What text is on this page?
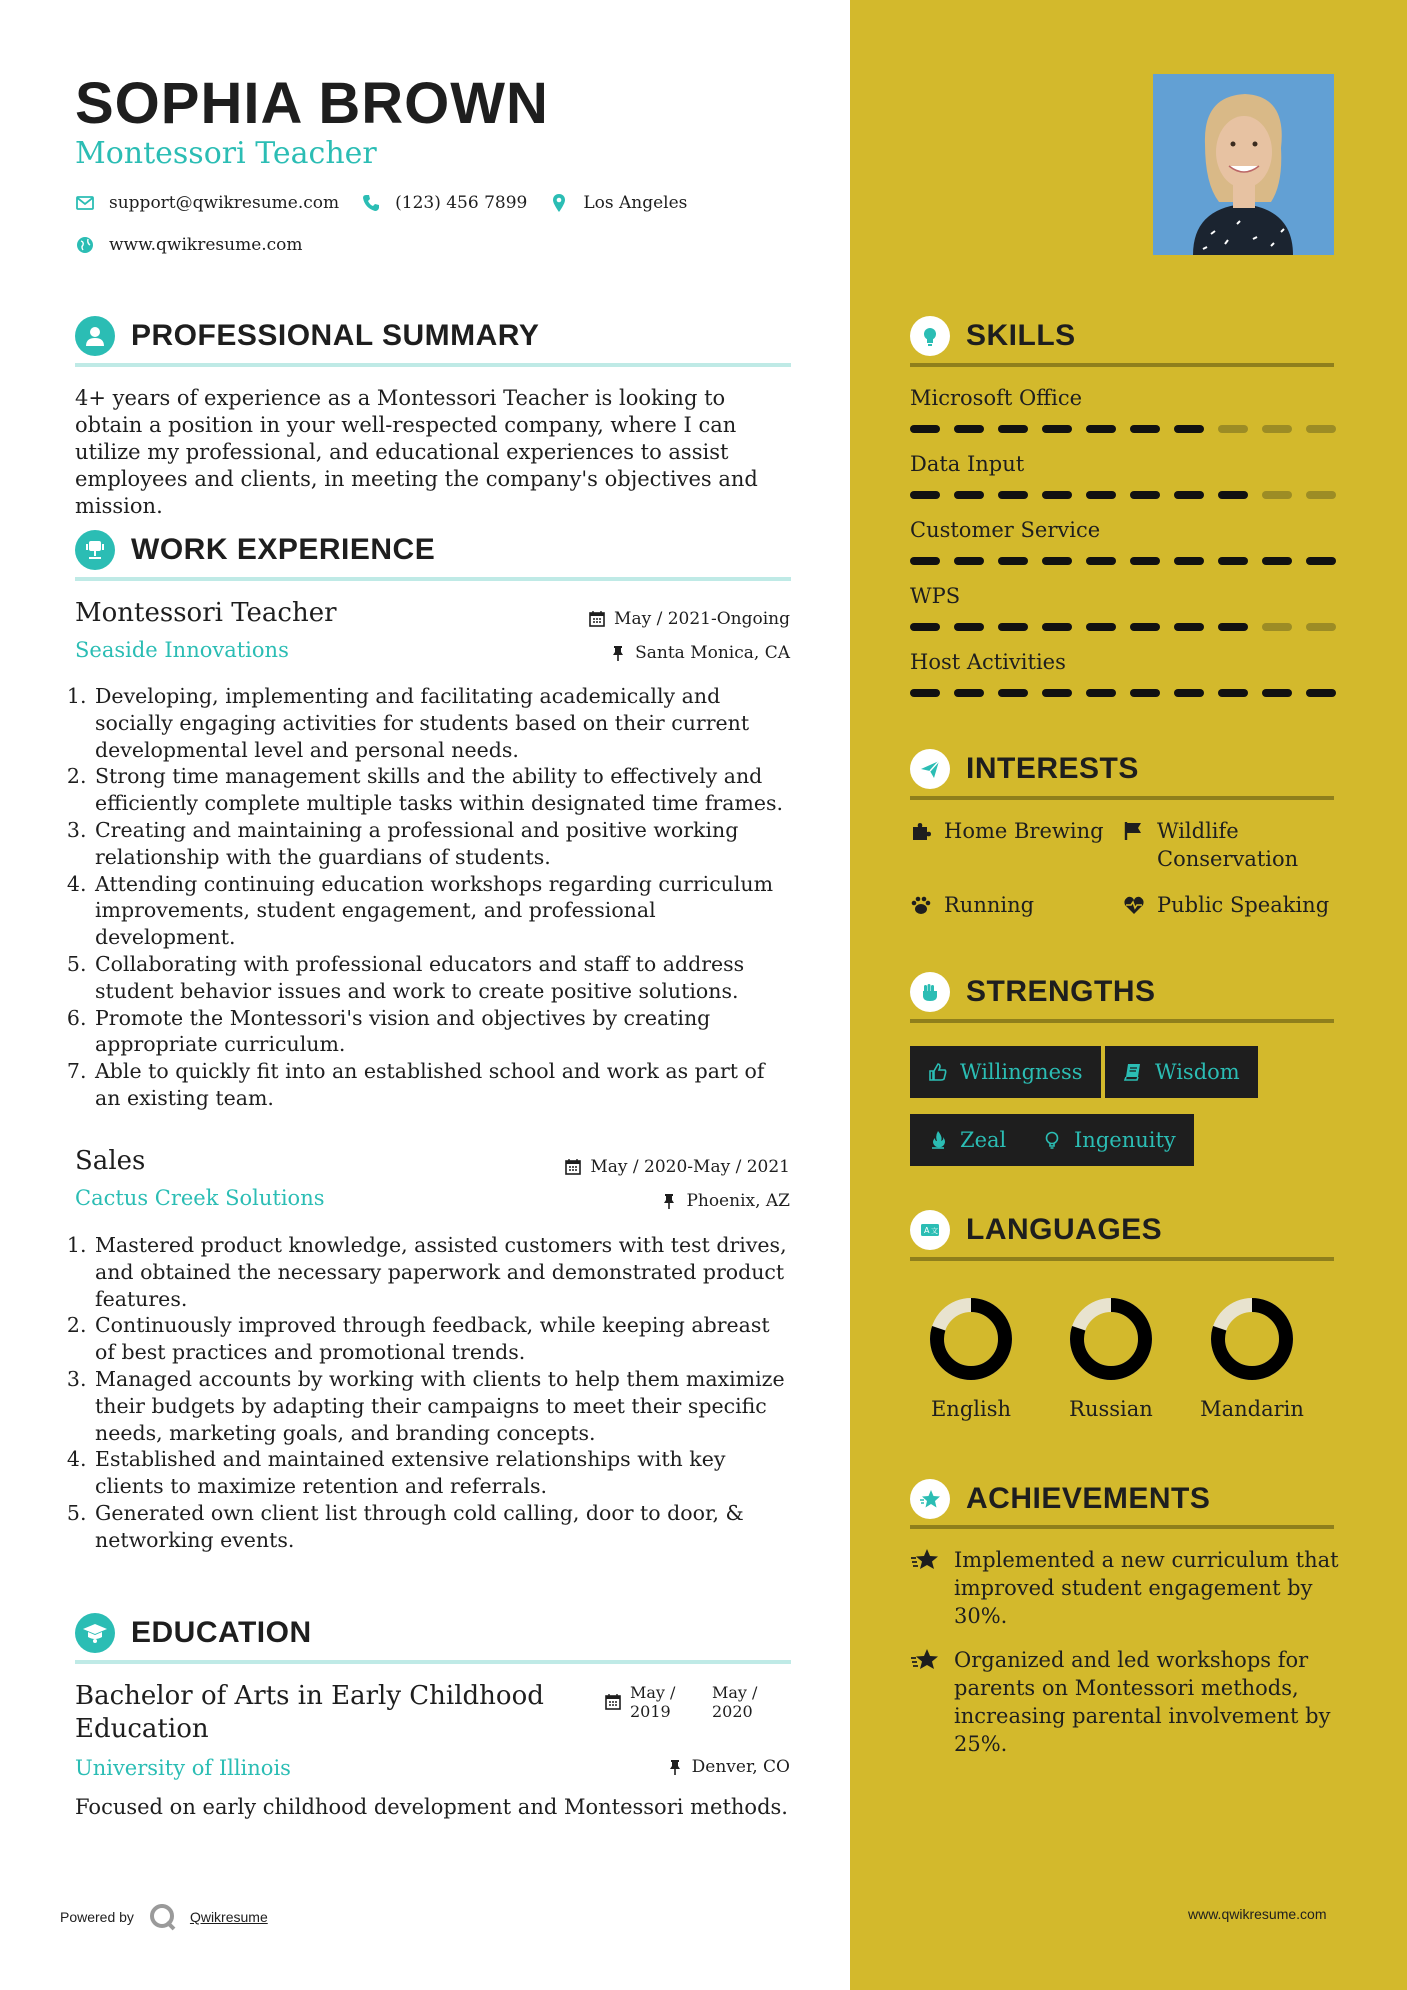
SOPHIA BROWN
Montessori Teacher
support@qwikresume.com	(123) 456 7899	Los Angeles
www.qwikresume.com
PROFESSIONAL SUMMARY
4+ years of experience as a Montessori Teacher is looking to obtain a position in your well-respected company, where I can utilize my professional, and educational experiences to assist employees and clients, in meeting the company's objectives and mission.
WORK EXPERIENCE
Montessori Teacher	May / 2021-Ongoing
Seaside Innovations	Santa Monica, CA
1. Developing, implementing and facilitating academically and socially engaging activities for students based on their current developmental level and personal needs.
2. Strong time management skills and the ability to effectively and efficiently complete multiple tasks within designated time frames.
3. Creating and maintaining a professional and positive working relationship with the guardians of students.
4. Attending continuing education workshops regarding curriculum improvements, student engagement, and professional development.
5. Collaborating with professional educators and staff to address student behavior issues and work to create positive solutions.
6. Promote the Montessori's vision and objectives by creating appropriate curriculum.
7. Able to quickly fit into an established school and work as part of an existing team.
Sales	May / 2020-May / 2021
Cactus Creek Solutions	Phoenix, AZ
1. Mastered product knowledge, assisted customers with test drives, and obtained the necessary paperwork and demonstrated product features.
2. Continuously improved through feedback, while keeping abreast of best practices and promotional trends.
3. Managed accounts by working with clients to help them maximize their budgets by adapting their campaigns to meet their specific needs, marketing goals, and branding concepts.
4. Established and maintained extensive relationships with key clients to maximize retention and referrals.
5. Generated own client list through cold calling, door to door, & networking events.
EDUCATION
Bachelor of Arts in Early Childhood Education
May /
2019
May /
2020
University of Illinois	Denver, CO
Focused on early childhood development and Montessori methods.
Powered by	Qwikresume	www.qwikresume.com
SKILLS
Microsoft Office
Data Input
Customer Service
WPS
Host Activities
INTERESTS
Home Brewing	Wildlife Conservation
Running	Public Speaking
STRENGTHS
Willingness	Wisdom
Zeal	Ingenuity
A 文 LANGUAGES
English	Russian	Mandarin
ACHIEVEMENTS
Implemented a new curriculum that improved student engagement by 30%.
Organized and led workshops for parents on Montessori methods, increasing parental involvement by 25%.
